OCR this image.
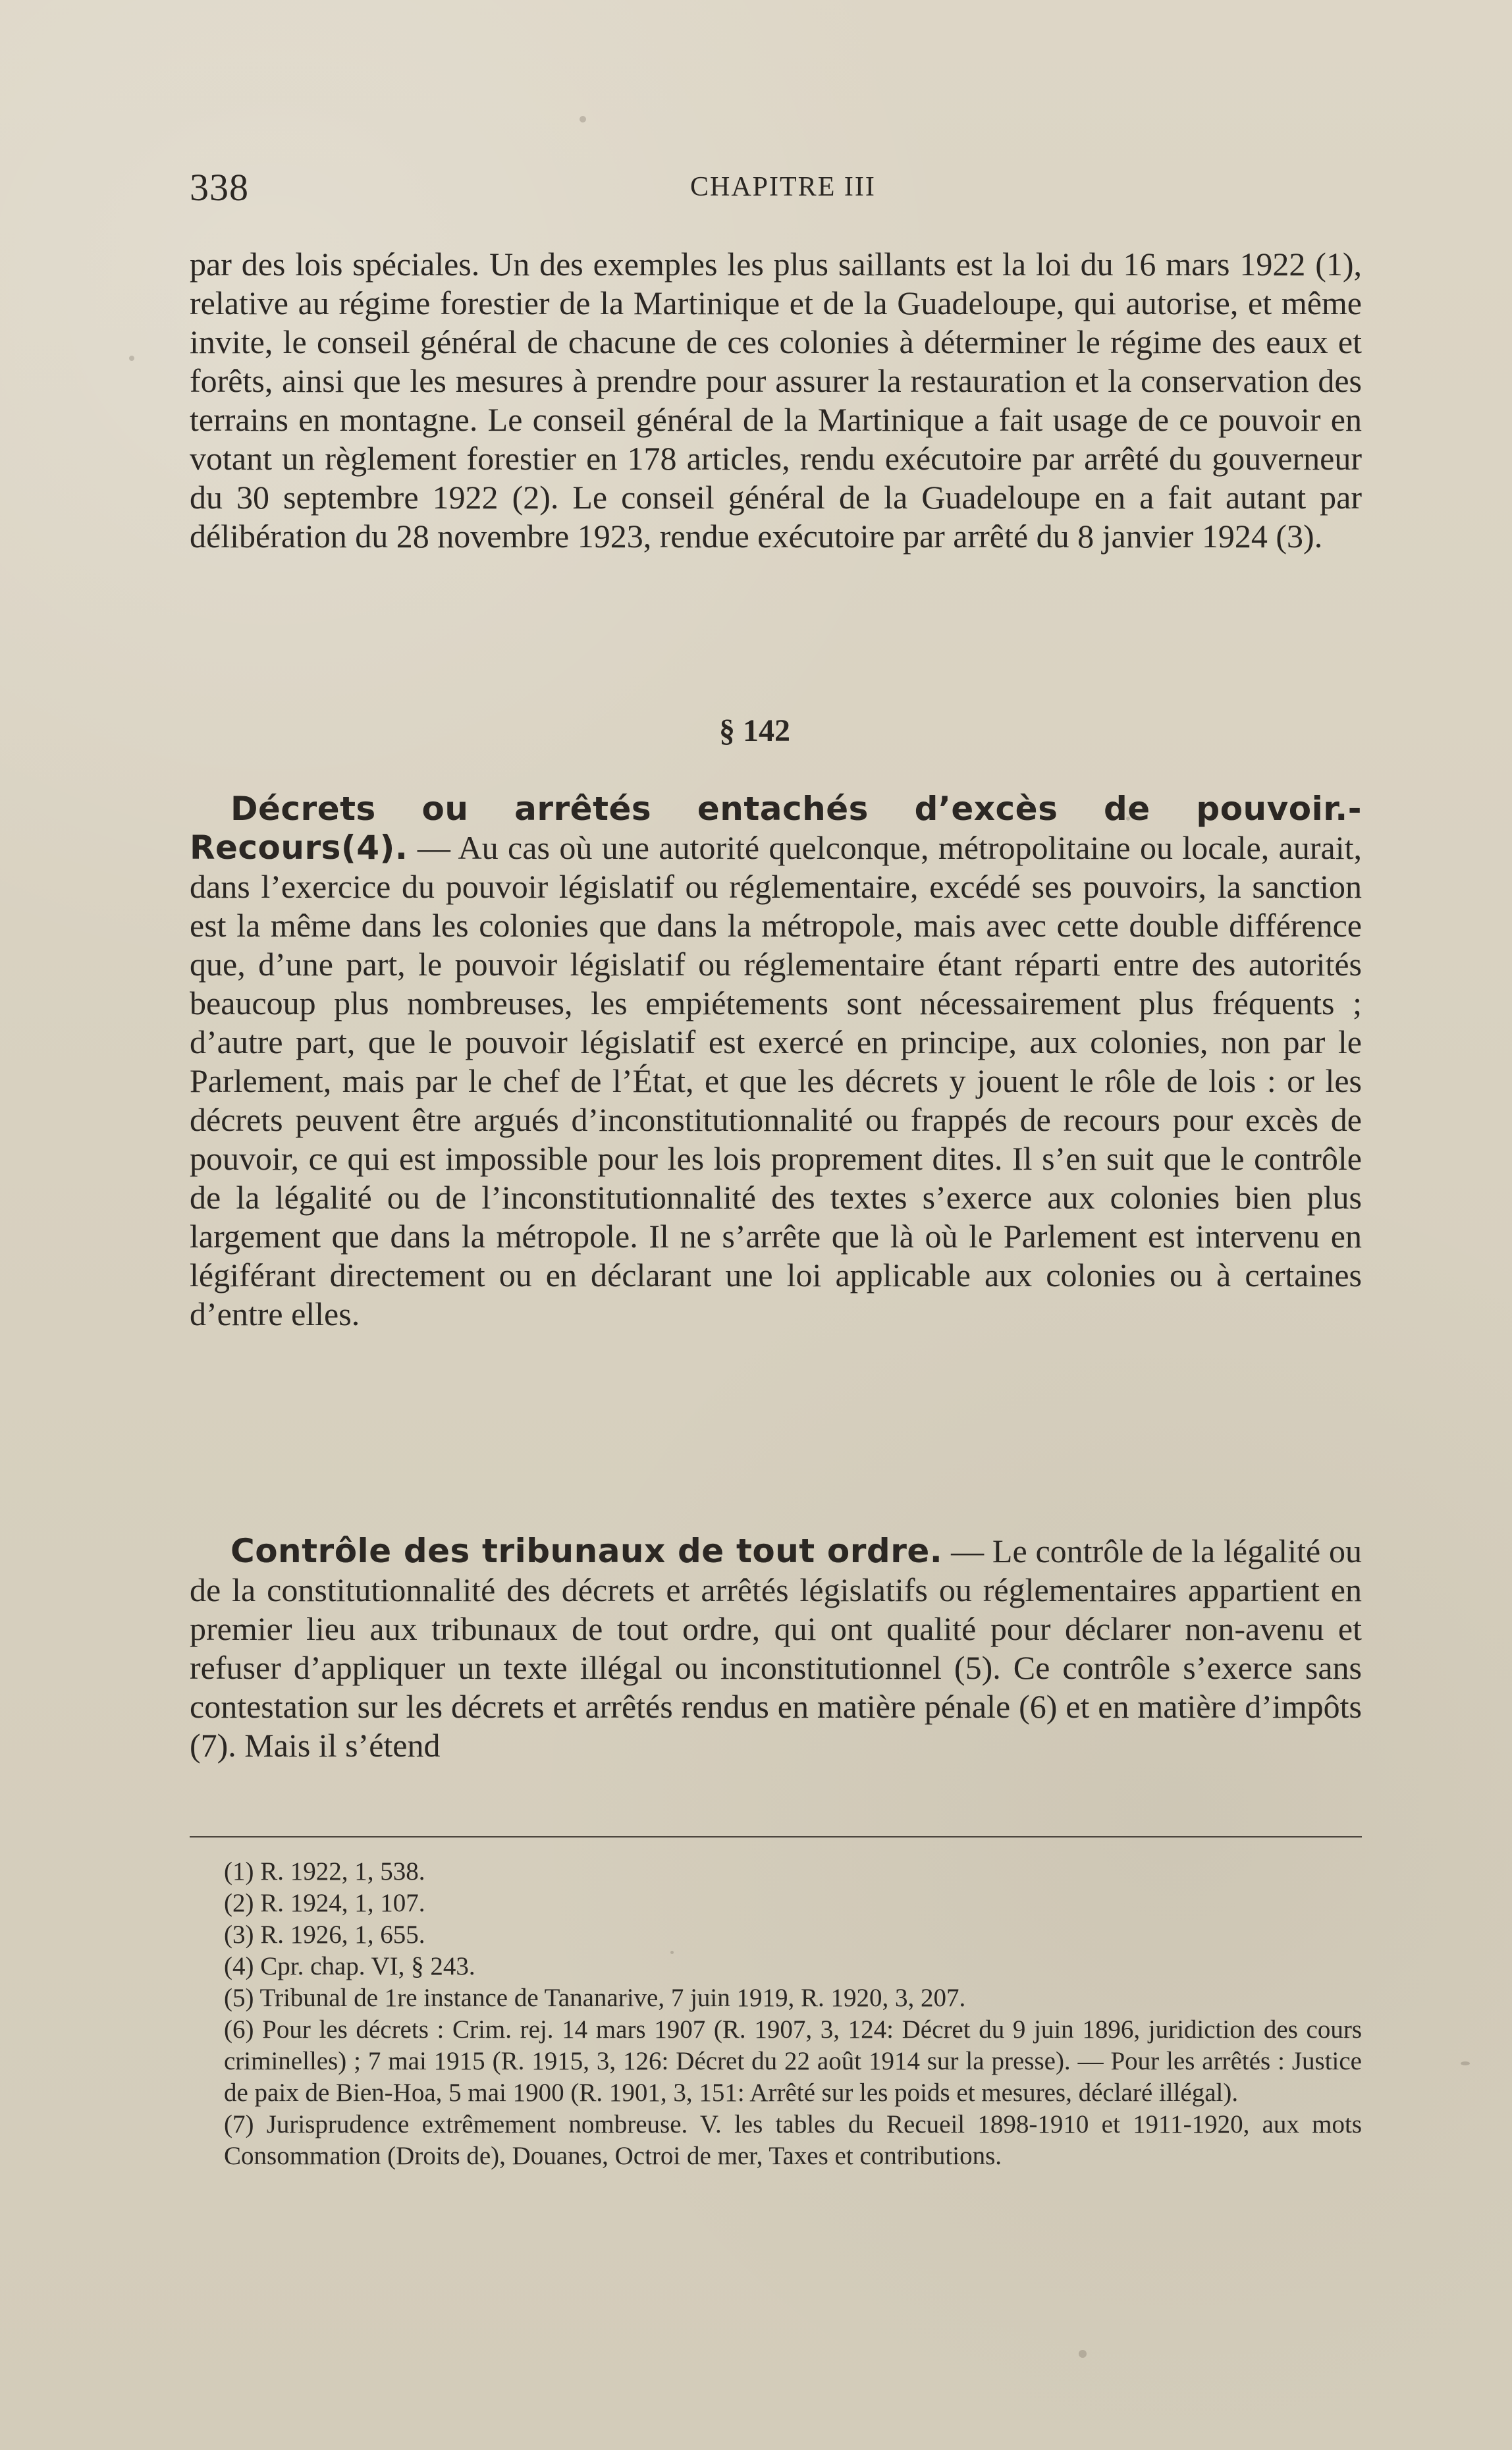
338	CHAPITRE III
par des lois spéciales. Un des exemples les plus saillants est la loi du 16 mars 1922 (1), relative au régime forestier de la Martinique et de la Guadeloupe, qui autorise, et même invite, le conseil général de chacune de ces colonies à déterminer le régime des eaux et forêts, ainsi que les mesures à prendre pour assurer la restauration et la conservation des terrains en montagne. Le conseil général de la Martinique a fait usage de ce pouvoir en votant un règlement forestier en 178 articles, rendu exécutoire par arrêté du gouverneur du 30 septembre 1922 (2). Le conseil général de la Guadeloupe en a fait autant par délibération du 28 novembre 1923, rendue exécutoire par arrêté du 8 janvier 1924 (3).
§ 142
Décrets ou arrêtés entachés d’excès de pouvoir.- Recours(4). — Au cas où une autorité quelconque, métropolitaine ou locale, aurait, dans l’exercice du pouvoir législatif ou réglementaire, excédé ses pouvoirs, la sanction est la même dans les colonies que dans la métropole, mais avec cette double différence que, d’une part, le pouvoir législatif ou réglementaire étant réparti entre des autorités beaucoup plus nombreuses, les empiétements sont nécessairement plus fréquents ; d’autre part, que le pouvoir législatif est exercé en principe, aux colonies, non par le Parlement, mais par le chef de l’État, et que les décrets y jouent le rôle de lois : or les décrets peuvent être argués d’inconstitutionnalité ou frappés de recours pour excès de pouvoir, ce qui est impossible pour les lois proprement dites. Il s’en suit que le contrôle de la légalité ou de l’inconstitutionnalité des textes s’exerce aux colonies bien plus largement que dans la métropole. Il ne s’arrête que là où le Parlement est intervenu en légiférant directement ou en déclarant une loi applicable aux colonies ou à certaines d’entre elles.
Contrôle des tribunaux de tout ordre. — Le contrôle de la légalité ou de la constitutionnalité des décrets et arrêtés législatifs ou réglementaires appartient en premier lieu aux tribunaux de tout ordre, qui ont qualité pour déclarer non-avenu et refuser d’appliquer un texte illégal ou inconstitutionnel (5). Ce contrôle s’exerce sans contestation sur les décrets et arrêtés rendus en matière pénale (6) et en matière d’impôts (7). Mais il s’étend

(1) R. 1922, 1, 538.

(2) R. 1924, 1, 107.

(3) R. 1926, 1, 655.

(4) Cpr. chap. VI, § 243.

(5) Tribunal de 1re instance de Tananarive, 7 juin 1919, R. 1920, 3, 207.

(6) Pour les décrets : Crim. rej. 14 mars 1907 (R. 1907, 3, 124: Décret du 9 juin 1896, juridiction des cours criminelles) ; 7 mai 1915 (R. 1915, 3, 126: Décret du 22 août 1914 sur la presse). — Pour les arrêtés : Justice de paix de Bien-Hoa, 5 mai 1900 (R. 1901, 3, 151: Arrêté sur les poids et mesures, déclaré illégal).

(7) Jurisprudence extrêmement nombreuse. V. les tables du Recueil 1898-1910 et 1911-1920, aux mots Consommation (Droits de), Douanes, Octroi de mer, Taxes et contributions.
